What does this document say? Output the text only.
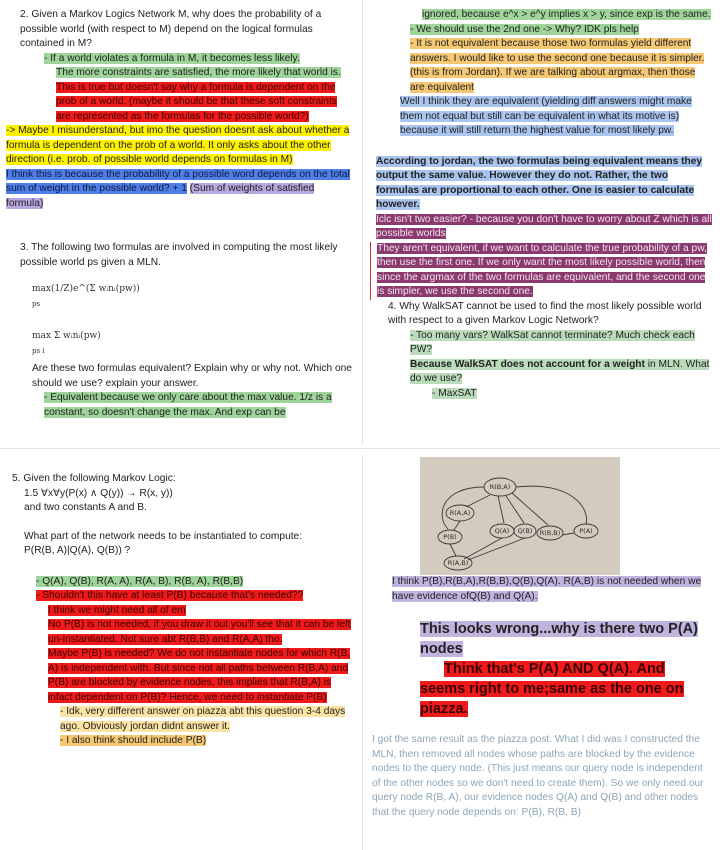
2. Given a Markov Logics Network M, why does the probability of a possible world (with respect to M) depend on the logical formulas contained in M?

- If a world violates a formula in M, it becomes less likely.

The more constraints are satisfied, the more likely that world is.

This is true but doesn't say why a formula is dependent on the prob of a world. (maybe it should be that these soft constraints are represented as the formulas for the possible world?)

-> Maybe I misunderstand, but imo the question doesnt ask about whether a formula is dependent on the prob of a world. It only asks about the other direction (i.e. prob. of possible world depends on formulas in M)

I think this is because the probability of a possible word depends on the total sum of weight in the possible world? + 1 (Sum of weights of satisfied formula)

3. The following two formulas are involved in computing the most likely possible world ps given a MLN.

max(1/Z)e^(Σ wᵢnᵢ(pw))
ps
max Σ wᵢnᵢ(pw)
ps i

Are these two formulas equivalent? Explain why or why not. Which one should we use? explain your answer.

- Equivalent because we only care about the max value. 1/z is a constant, so doesn't change the max. And exp can be

ignored, because e^x > e^y implies x > y, since exp is the same.

- We should use the 2nd one -> Why? IDK pls help

- It is not equivalent because those two formulas yield different answers. I would like to use the second one because it is simpler. (this is from Jordan). If we are talking about argmax, then those are equivalent

Well I think they are equivalent (yielding diff answers might make them not equal but still can be equivalent in what its motive is) because it will still return the highest value for most likely pw.

According to jordan, the two formulas being equivalent means they output the same value. However they do not. Rather, the two formulas are proportional to each other. One is easier to calculate however.

Iclc isn't two easier? - because you don't have to worry about Z which is all possible worlds

They aren't equivalent, if we want to calculate the true probability of a pw, then use the first one. If we only want the most likely possible world, then since the argmax of the two formulas are equivalent, and the second one is simpler, we use the second one.

4. Why WalkSAT cannot be used to find the most likely possible world with respect to a given Markov Logic Network?

- Too many vars? WalkSat cannot terminate? Much check each PW?

Because WalkSAT does not account for a weight in MLN. What do we use?

- MaxSAT

5. Given the following Markov Logic:

1.5 ∀x∀y(P(x) ∧ Q(y)) → R(x, y))

and two constants A and B.

What part of the network needs to be instantiated to compute:

P(R(B, A)|Q(A), Q(B)) ?

- Q(A), Q(B), R(A, A), R(A, B), R(B, A), R(B,B)

- Shouldn't this have at least P(B) because that's needed??

I think we might need all of em

No P(B) is not needed, if you draw it out you'll see that it can be left un-instantiated. Not sure abt R(B,B) and R(A,A) tho.

Maybe P(B) is needed? We do not instantiate nodes for which R(B, A) is independent with. But since not all paths between R(B,A) and P(B) are blocked by evidence nodes, this implies that R(B,A) is infact dependent on P(B)? Hence, we need to instantiate P(B)

- Idk, very different answer on piazza abt this question 3-4 days ago. Obviously jordan didnt answer it.

- I also think should include P(B)

R(B,A)
R(A,A)
P(B)
Q(A) Q(B) R(B,B)	P(A)
R(A,B)

I think P(B),R(B,A),R(B,B),Q(B),Q(A). R(A,B) is not needed when we have evidence ofQ(B) and Q(A).

This looks wrong...why is there two P(A) nodes

Think that's P(A) AND Q(A). And seems right to me;same as the one on piazza.

I got the same result as the piazza post. What I did was I constructed the MLN, then removed all nodes whose paths are blocked by the evidence nodes to the query node. (This just means our query node is independent of the other nodes so we don't need to create them). So we only need our query node R(B, A), our evidence nodes Q(A) and Q(B) and other nodes that the query node depends on: P(B), R(B, B)
